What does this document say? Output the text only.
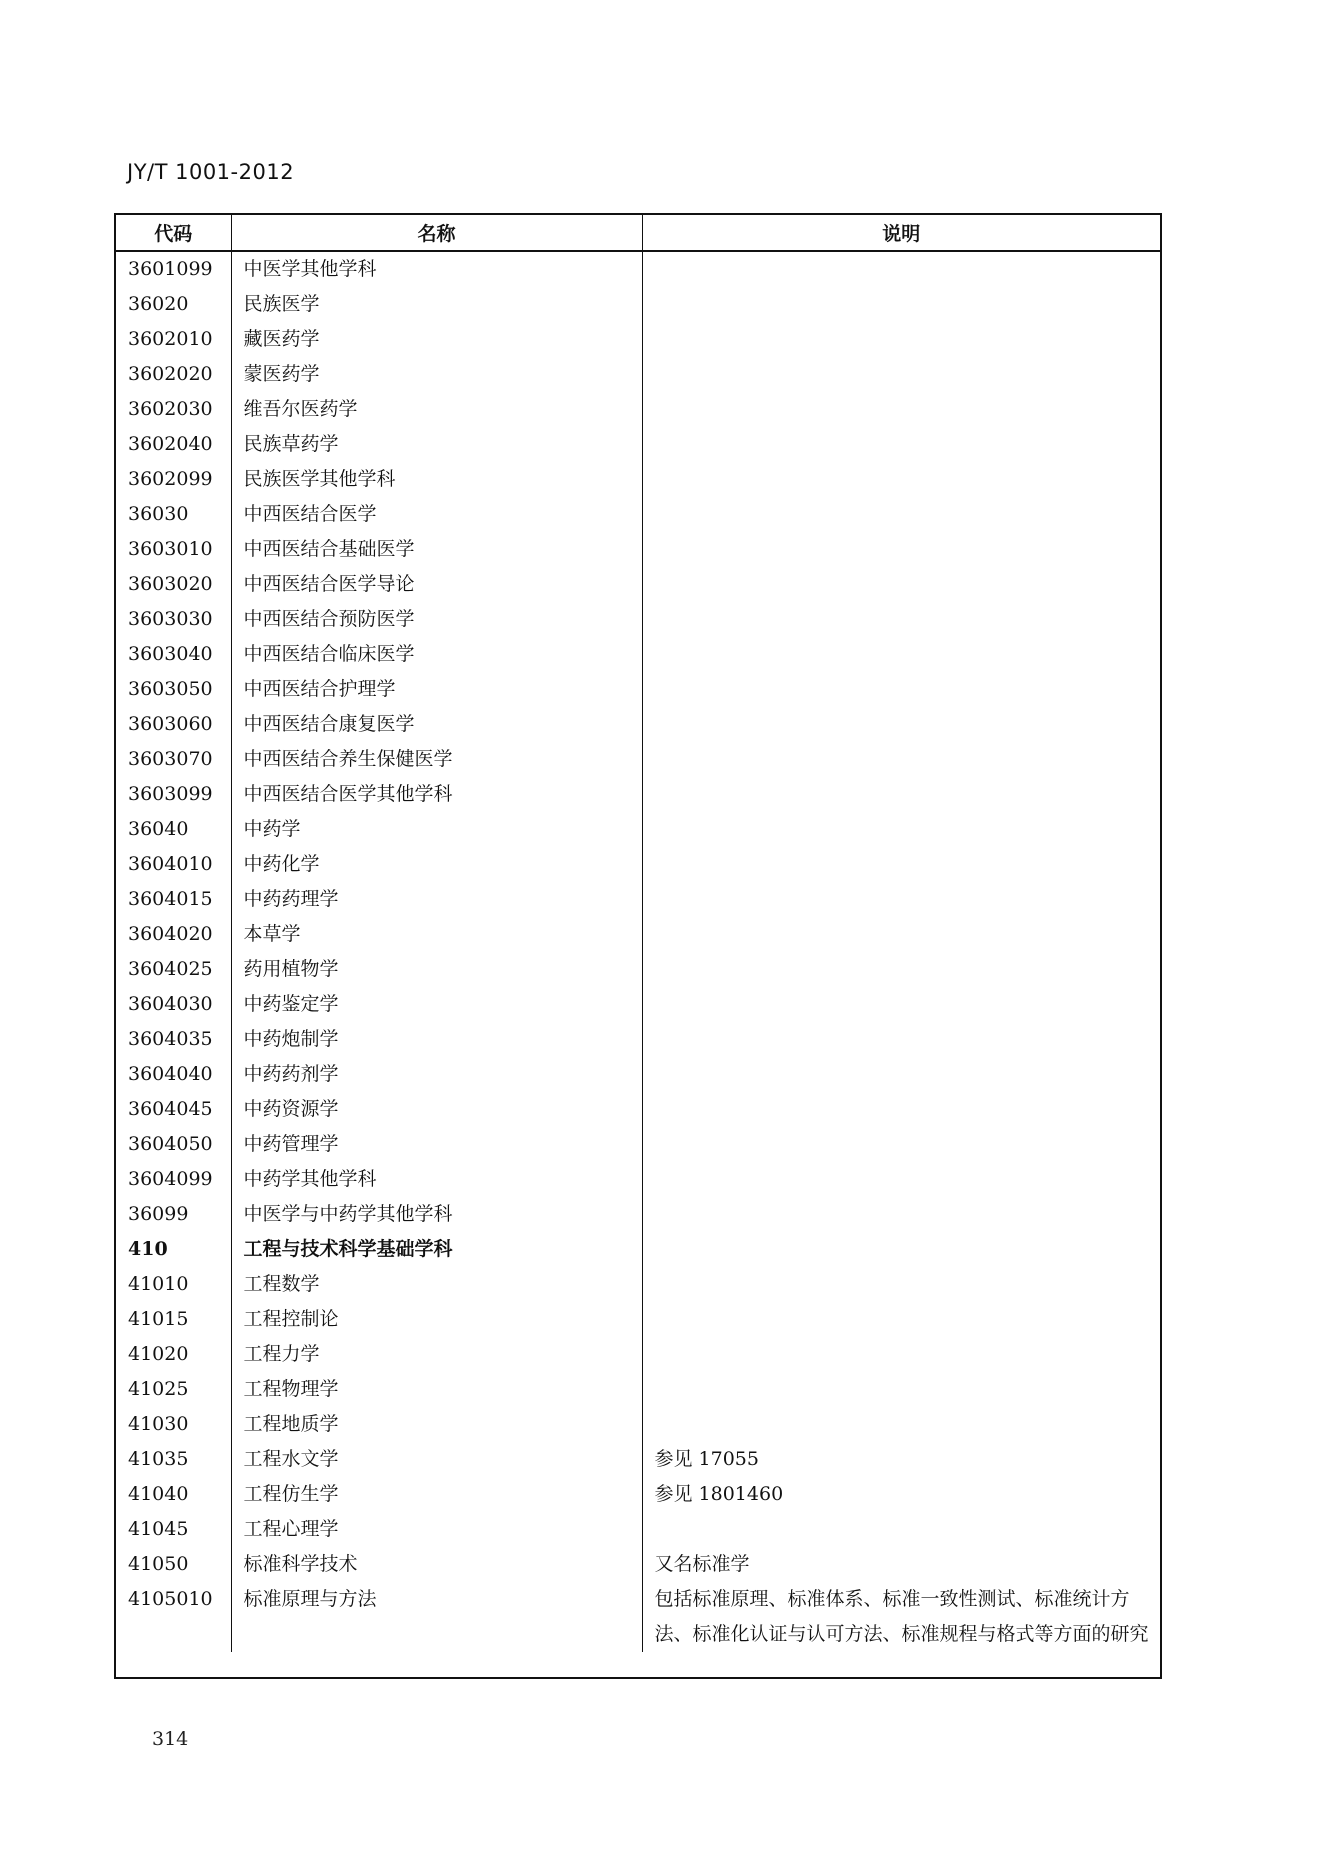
JY/T 1001-2012
代码	名称	说明
3601099	中医学其他学科	
36020	民族医学	
3602010	藏医药学	
3602020	蒙医药学	
3602030	维吾尔医药学	
3602040	民族草药学	
3602099	民族医学其他学科	
36030	中西医结合医学	
3603010	中西医结合基础医学	
3603020	中西医结合医学导论	
3603030	中西医结合预防医学	
3603040	中西医结合临床医学	
3603050	中西医结合护理学	
3603060	中西医结合康复医学	
3603070	中西医结合养生保健医学	
3603099	中西医结合医学其他学科	
36040	中药学	
3604010	中药化学	
3604015	中药药理学	
3604020	本草学	
3604025	药用植物学	
3604030	中药鉴定学	
3604035	中药炮制学	
3604040	中药药剂学	
3604045	中药资源学	
3604050	中药管理学	
3604099	中药学其他学科	
36099	中医学与中药学其他学科	
410	工程与技术科学基础学科	
41010	工程数学	
41015	工程控制论	
41020	工程力学	
41025	工程物理学	
41030	工程地质学	
41035	工程水文学	参见 17055
41040	工程仿生学	参见 1801460
41045	工程心理学	
41050	标准科学技术	又名标准学
4105010	标准原理与方法	包括标准原理、标准体系、标准一致性测试、标准统计方法、标准化认证与认可方法、标准规程与格式等方面的研究
314
